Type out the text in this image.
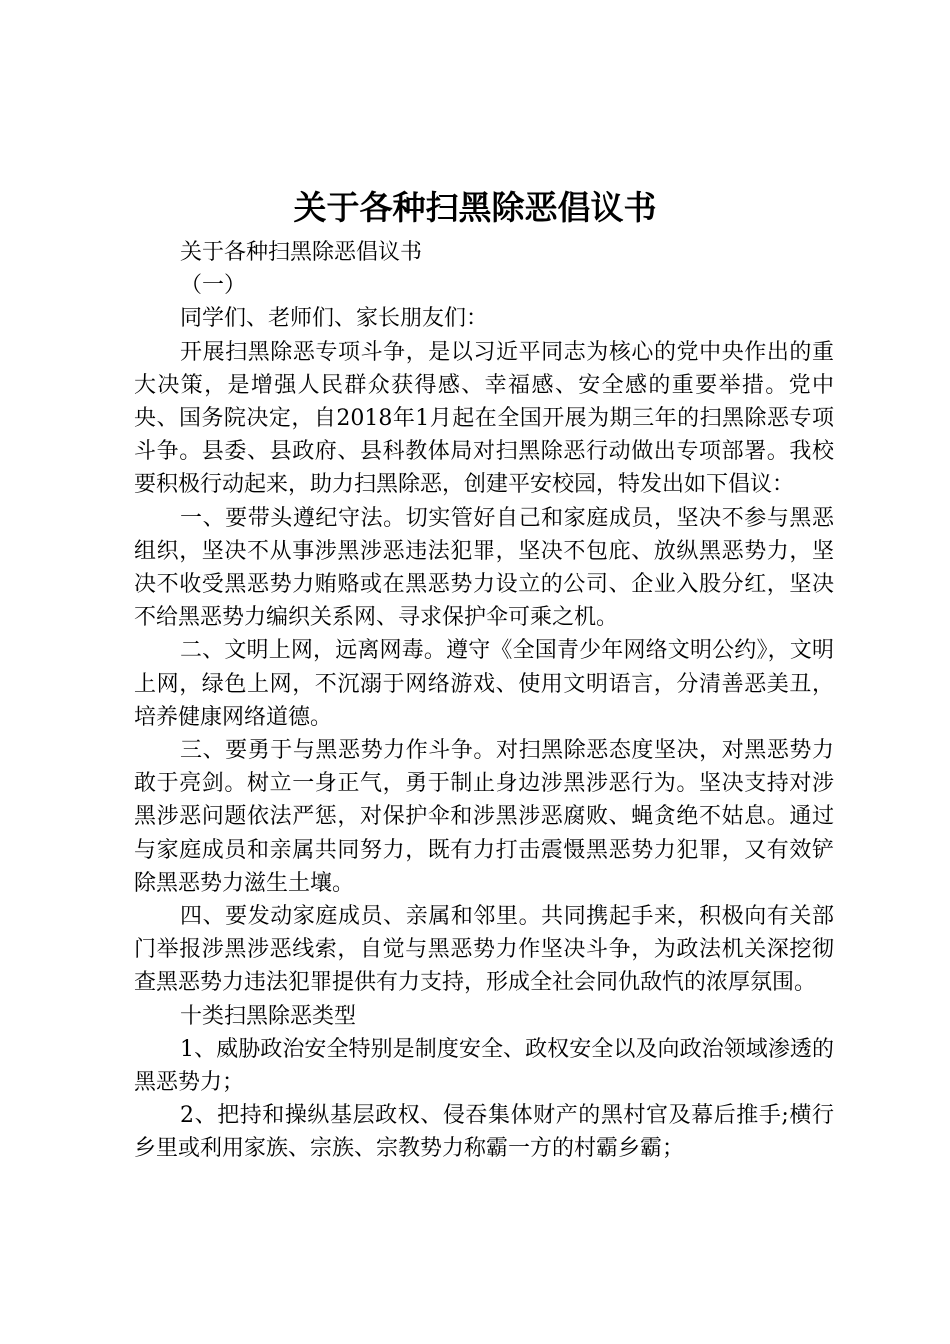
关于各种扫黑除恶倡议书

关于各种扫黑除恶倡议书

（一）

同学们、老师们、家长朋友们：

开展扫黑除恶专项斗争，是以习近平同志为核心的党中央作出的重大决策，是增强人民群众获得感、幸福感、安全感的重要举措。党中央、国务院决定，自2018年1月起在全国开展为期三年的扫黑除恶专项斗争。县委、县政府、县科教体局对扫黑除恶行动做出专项部署。我校要积极行动起来，助力扫黑除恶，创建平安校园，特发出如下倡议：

一、要带头遵纪守法。切实管好自己和家庭成员，坚决不参与黑恶组织，坚决不从事涉黑涉恶违法犯罪，坚决不包庇、放纵黑恶势力，坚决不收受黑恶势力贿赂或在黑恶势力设立的公司、企业入股分红，坚决不给黑恶势力编织关系网、寻求保护伞可乘之机。

二、文明上网，远离网毒。遵守《全国青少年网络文明公约》，文明上网，绿色上网，不沉溺于网络游戏、使用文明语言，分清善恶美丑，培养健康网络道德。

三、要勇于与黑恶势力作斗争。对扫黑除恶态度坚决，对黑恶势力敢于亮剑。树立一身正气，勇于制止身边涉黑涉恶行为。坚决支持对涉黑涉恶问题依法严惩，对保护伞和涉黑涉恶腐败、蝇贪绝不姑息。通过与家庭成员和亲属共同努力，既有力打击震慑黑恶势力犯罪，又有效铲除黑恶势力滋生土壤。

四、要发动家庭成员、亲属和邻里。共同携起手来，积极向有关部门举报涉黑涉恶线索，自觉与黑恶势力作坚决斗争，为政法机关深挖彻查黑恶势力违法犯罪提供有力支持，形成全社会同仇敌忾的浓厚氛围。

十类扫黑除恶类型

1、威胁政治安全特别是制度安全、政权安全以及向政治领域渗透的黑恶势力；

2、把持和操纵基层政权、侵吞集体财产的黑村官及幕后推手;横行乡里或利用家族、宗族、宗教势力称霸一方的村霸乡霸；
